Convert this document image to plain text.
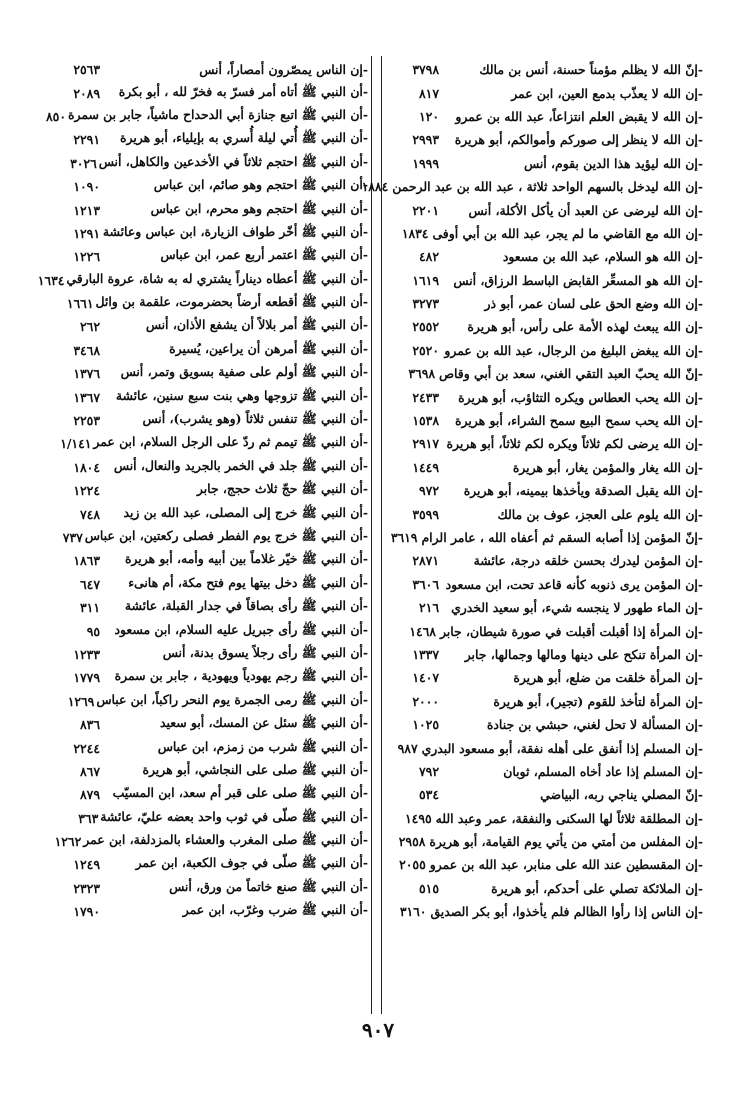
-إنّ الله لا يظلم مؤمناً حسنة، أنس بن مالك
٣٧٩٨
-إن الله لا يعذّب بدمع العين، ابن عمر
٨١٧
-إن الله لا يقبض العلم انتزاعاً، عبد الله بن عمرو
١٢٠
-إن الله لا ينظر إلى صوركم وأموالكم، أبو هريرة
٢٩٩٣
-إن الله ليؤيد هذا الدين بقوم، أنس
١٩٩٩
-إن الله ليدخل بالسهم الواحد ثلاثة ، عبد الله بن عبد الرحمن
١٨٨٤
-إن الله ليرضى عن العبد أن يأكل الأكلة، أنس
٢٢٠١
-إن الله مع القاضي ما لم يجر، عبد الله بن أبي أوفى
١٨٣٤
-إن الله هو السلام، عبد الله بن مسعود
٤٨٢
-إن الله هو المسعِّر القابض الباسط الرزاق، أنس
١٦١٩
-إن الله وضع الحق على لسان عمر، أبو ذر
٣٢٧٣
-إن الله يبعث لهذه الأمة على رأس، أبو هريرة
٢٥٥٢
-إن الله يبغض البليغ من الرجال، عبد الله بن عمرو
٢٥٢٠
-إنّ الله يحبّ العبد التقي الغني، سعد بن أبي وقاص
٣٦٩٨
-إن الله يحب العطاس ويكره التثاؤب، أبو هريرة
٢٤٣٣
-إن الله يحب سمح البيع سمح الشراء، أبو هريرة
١٥٣٨
-إن الله يرضى لكم ثلاثاً ويكره لكم ثلاثاً، أبو هريرة
٢٩١٧
-إن الله يغار والمؤمن يغار، أبو هريرة
١٤٤٩
-إن الله يقبل الصدقة ويأخذها بيمينه، أبو هريرة
٩٧٢
-إن الله يلوم على العجز، عوف بن مالك
٣٥٩٩
-إنّ المؤمن إذا أصابه السقم ثم أعفاه الله ، عامر الرام
٣٦١٩
-إن المؤمن ليدرك بحسن خلقه درجة، عائشة
٢٨٧١
-إن المؤمن يرى ذنوبه كأنه قاعد تحت، ابن مسعود
٣٦٠٦
-إن الماء طهور لا ينجسه شيء، أبو سعيد الخدري
٢١٦
-إن المرأة إذا أقبلت أقبلت في صورة شيطان، جابر
١٤٦٨
-إن المرأة تنكح على دينها ومالها وجمالها، جابر
١٣٣٧
-إن المرأة خلقت من ضلع، أبو هريرة
١٤٠٧
-إن المرأة لتأخذ للقوم (تجير)، أبو هريرة
٢٠٠٠
-إن المسألة لا تحل لغني، حبشي بن جنادة
١٠٢٥
-إن المسلم إذا أنفق على أهله نفقة، أبو مسعود البدري
٩٨٧
-إن المسلم إذا عاد أخاه المسلم، ثوبان
٧٩٢
-إنّ المصلي يناجي ربه، البياضي
٥٣٤
-إن المطلقة ثلاثاً لها السكنى والنفقة، عمر وعبد الله
١٤٩٥
-إن المفلس من أمتي من يأتي يوم القيامة، أبو هريرة
٢٩٥٨
-إن المقسطين عند الله على منابر، عبد الله بن عمرو
٢٠٥٥
-إن الملائكة تصلي على أحدكم، أبو هريرة
٥١٥
-إن الناس إذا رأوا الظالم فلم يأخذوا، أبو بكر الصديق
٣١٦٠
-إن الناس يمصّرون أمصاراً، أنس
٢٥٦٣
-أن النبي ﷺ أتاه أمر فسرّ به فخرّ لله ، أبو بكرة
٢٠٨٩
-أن النبي ﷺ اتبع جنازة أبي الدحداح ماشياً، جابر بن سمرة
٨٥٠
-أن النبي ﷺ أُتي ليلة أُسري به بإيلياء، أبو هريرة
٢٢٩١
-أن النبي ﷺ احتجم ثلاثاً في الأخدعين والكاهل، أنس
٣٠٢٦
-أن النبي ﷺ احتجم وهو صائم، ابن عباس
١٠٩٠
-أن النبي ﷺ احتجم وهو محرم، ابن عباس
١٢١٣
-أن النبي ﷺ أخّر طواف الزيارة، ابن عباس وعائشة
١٢٩١
-أن النبي ﷺ اعتمر أربع عمر، ابن عباس
١٢٢٦
-أن النبي ﷺ أعطاه ديناراً يشتري له به شاة، عروة البارقي
١٦٣٤
-أن النبي ﷺ أقطعه أرضاً بحضرموت، علقمة بن وائل
١٦٦١
-أن النبي ﷺ أمر بلالاً أن يشفع الأذان، أنس
٢٦٢
-أن النبي ﷺ أمرهن أن يراعين، يُسيرة
٣٤٦٨
-أن النبي ﷺ أولم على صفية بسويق وتمر، أنس
١٣٧٦
-أن النبي ﷺ تزوجها وهي بنت سبع سنين، عائشة
١٣٦٧
-أن النبي ﷺ تنفس ثلاثاً (وهو يشرب)، أنس
٢٢٥٣
-أن النبي ﷺ تيمم ثم ردّ على الرجل السلام، ابن عمر
١/١٤١
-أن النبي ﷺ جلد في الخمر بالجريد والنعال، أنس
١٨٠٤
-أن النبي ﷺ حجّ ثلاث حجج، جابر
١٢٢٤
-أن النبي ﷺ خرج إلى المصلى، عبد الله بن زيد
٧٤٨
-أن النبي ﷺ خرج يوم الفطر فصلى ركعتين، ابن عباس
٧٣٧
-أن النبي ﷺ خيّر غلاماً بين أبيه وأمه، أبو هريرة
١٨٦٣
-أن النبي ﷺ دخل بيتها يوم فتح مكة، أم هانىء
٦٤٧
-أن النبي ﷺ رأى بصاقاً في جدار القبلة، عائشة
٣١١
-أن النبي ﷺ رأى جبريل عليه السلام، ابن مسعود
٩٥
-أن النبي ﷺ رأى رجلاً يسوق بدنة، أنس
١٢٣٣
-أن النبي ﷺ رجم يهودياً ويهودية ، جابر بن سمرة
١٧٧٩
-أن النبي ﷺ رمى الجمرة يوم النحر راكباً، ابن عباس
١٢٦٩
-أن النبي ﷺ سئل عن المسك، أبو سعيد
٨٣٦
-أن النبي ﷺ شرب من زمزم، ابن عباس
٢٢٤٤
-أن النبي ﷺ صلى على النجاشي، أبو هريرة
٨٦٧
-أن النبي ﷺ صلى على قبر أم سعد، ابن المسيّب
٨٧٩
-أن النبي ﷺ صلّى في ثوب واحد بعضه عليّ، عائشة
٣٦٣
-أن النبي ﷺ صلى المغرب والعشاء بالمزدلفة، ابن عمر
١٢٦٢
-أن النبي ﷺ صلّى في جوف الكعبة، ابن عمر
١٢٤٩
-أن النبي ﷺ صنع خاتماً من ورق، أنس
٢٣٢٣
-أن النبي ﷺ ضرب وغرّب، ابن عمر
١٧٩٠
٩٠٧
